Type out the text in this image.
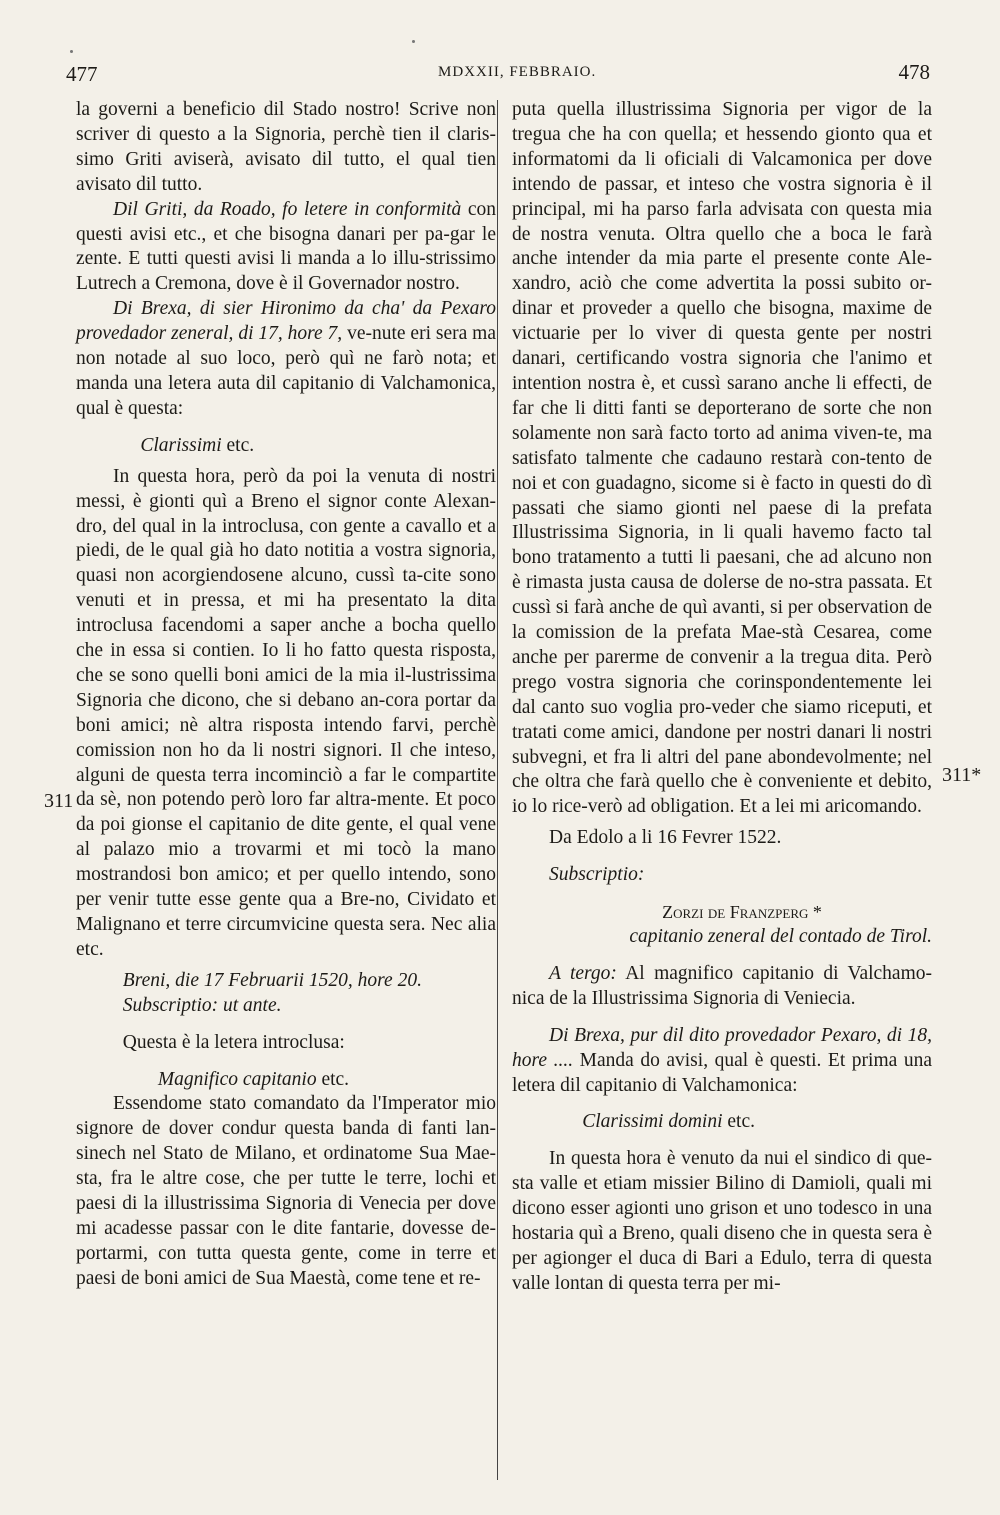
477	MDXXII, FEBBRAIO.	478
311
311*

la governi a beneficio dil Stado nostro! Scrive non scriver di questo a la Signoria, perchè tien il claris-simo Griti aviserà, avisato dil tutto, el qual tien avisato dil tutto.

Dil Griti, da Roado, fo letere in conformità con questi avisi etc., et che bisogna danari per pa-gar le zente. E tutti questi avisi li manda a lo illu-strissimo Lutrech a Cremona, dove è il Governador nostro.

Di Brexa, di sier Hironimo da cha' da Pexaro provedador zeneral, di 17, hore 7, ve-nute eri sera ma non notade al suo loco, però quì ne farò nota; et manda una letera auta dil capitanio di Valchamonica, qual è questa:

Clarissimi etc.

In questa hora, però da poi la venuta di nostri messi, è gionti quì a Breno el signor conte Alexan-dro, del qual in la introclusa, con gente a cavallo et a piedi, de le qual già ho dato notitia a vostra signoria, quasi non acorgiendosene alcuno, cussì ta-cite sono venuti et in pressa, et mi ha presentato la dita introclusa facendomi a saper anche a bocha quello che in essa si contien. Io li ho fatto questa risposta, che se sono quelli boni amici de la mia il-lustrissima Signoria che dicono, che si debano an-cora portar da boni amici; nè altra risposta intendo farvi, perchè comission non ho da li nostri signori. Il che inteso, alguni de questa terra incominciò a far le compartite da sè, non potendo però loro far altra-mente. Et poco da poi gionse el capitanio de dite gente, el qual vene al palazo mio a trovarmi et mi tocò la mano mostrandosi bon amico; et per quello intendo, sono per venir tutte esse gente qua a Bre-no, Cividato et Malignano et terre circumvicine questa sera. Nec alia etc.

Breni, die 17 Februarii 1520, hore 20.

Subscriptio: ut ante.

Questa è la letera introclusa:

Magnifico capitanio etc.

Essendome stato comandato da l'Imperator mio signore de dover condur questa banda di fanti lan-sinech nel Stato de Milano, et ordinatome Sua Mae-sta, fra le altre cose, che per tutte le terre, lochi et paesi di la illustrissima Signoria di Venecia per dove mi acadesse passar con le dite fantarie, dovesse de-portarmi, con tutta questa gente, come in terre et paesi de boni amici de Sua Maestà, come tene et re-

puta quella illustrissima Signoria per vigor de la tregua che ha con quella; et hessendo gionto qua et informatomi da li oficiali di Valcamonica per dove intendo de passar, et inteso che vostra signoria è il principal, mi ha parso farla advisata con questa mia de nostra venuta. Oltra quello che a boca le farà anche intender da mia parte el presente conte Ale-xandro, aciò che come advertita la possi subito or-dinar et proveder a quello che bisogna, maxime de victuarie per lo viver di questa gente per nostri danari, certificando vostra signoria che l'animo et intention nostra è, et cussì sarano anche li effecti, de far che li ditti fanti se deporterano de sorte che non solamente non sarà facto torto ad anima viven-te, ma satisfato talmente che cadauno restarà con-tento de noi et con guadagno, sicome si è facto in questi do dì passati che siamo gionti nel paese di la prefata Illustrissima Signoria, in li quali havemo facto tal bono tratamento a tutti li paesani, che ad alcuno non è rimasta justa causa de dolerse de no-stra passata. Et cussì si farà anche de quì avanti, si per observation de la comission de la prefata Mae-stà Cesarea, come anche per parerme de convenir a la tregua dita. Però prego vostra signoria che corinspondentemente lei dal canto suo voglia pro-veder che siamo riceputi, et tratati come amici, dandone per nostri danari li nostri subvegni, et fra li altri del pane abondevolmente; nel che oltra che farà quello che è conveniente et debito, io lo rice-verò ad obligation. Et a lei mi aricomando.

Da Edolo a li 16 Fevrer 1522.

Subscriptio:

Zorzi de Franzperg *

capitanio zeneral del contado de Tirol.

A tergo: Al magnifico capitanio di Valchamo-nica de la Illustrissima Signoria di Veniecia.

Di Brexa, pur dil dito provedador Pexaro, di 18, hore .... Manda do avisi, qual è questi. Et prima una letera dil capitanio di Valchamonica:

Clarissimi domini etc.

In questa hora è venuto da nui el sindico di que-sta valle et etiam missier Bilino di Damioli, quali mi dicono esser agionti uno grison et uno todesco in una hostaria quì a Breno, quali diseno che in questa sera è per agionger el duca di Bari a Edulo, terra di questa valle lontan di questa terra per mi-
